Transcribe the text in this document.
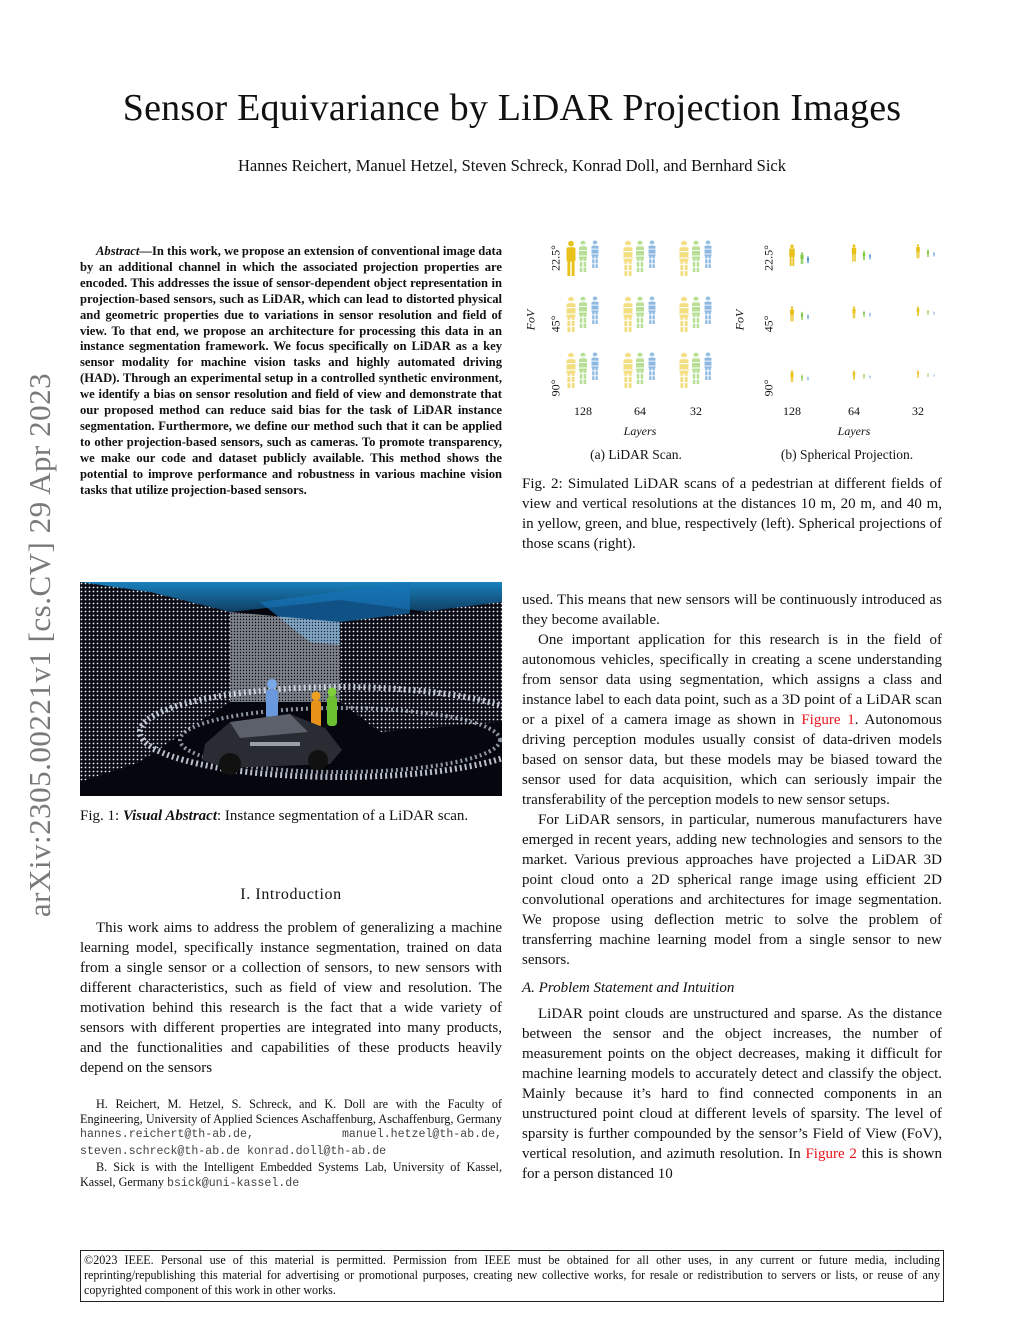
Sensor Equivariance by LiDAR Projection Images
Hannes Reichert, Manuel Hetzel, Steven Schreck, Konrad Doll, and Bernhard Sick
arXiv:2305.00221v1 [cs.CV] 29 Apr 2023
Abstract—In this work, we propose an extension of conventional image data by an additional channel in which the associated projection properties are encoded. This addresses the issue of sensor-dependent object representation in projection-based sensors, such as LiDAR, which can lead to distorted physical and geometric properties due to variations in sensor resolution and field of view. To that end, we propose an architecture for processing this data in an instance segmentation framework. We focus specifically on LiDAR as a key sensor modality for machine vision tasks and highly automated driving (HAD). Through an experimental setup in a controlled synthetic environment, we identify a bias on sensor resolution and field of view and demonstrate that our proposed method can reduce said bias for the task of LiDAR instance segmentation. Furthermore, we define our method such that it can be applied to other projection-based sensors, such as cameras. To promote transparency, we make our code and dataset publicly available. This method shows the potential to improve performance and robustness in various machine vision tasks that utilize projection-based sensors.
Fig. 1: Visual Abstract: Instance segmentation of a LiDAR scan.
I. Introduction
This work aims to address the problem of generalizing a machine learning model, specifically instance segmentation, trained on data from a single sensor or a collection of sensors, to new sensors with different characteristics, such as field of view and resolution. The motivation behind this research is the fact that a wide variety of sensors with different properties are integrated into many products, and the functionalities and capabilities of these products heavily depend on the sensors

H. Reichert, M. Hetzel, S. Schreck, and K. Doll are with the Faculty of Engineering, University of Applied Sciences Aschaffenburg, Aschaffenburg, Germany hannes.reichert@th-ab.de, manuel.hetzel@th-ab.de, steven.schreck@th-ab.de konrad.doll@th-ab.de

B. Sick is with the Intelligent Embedded Systems Lab, University of Kassel, Kassel, Germany bsick@uni-kassel.de

FoV
22.5°
45°
90°
128	64	32
Layers
(a) LiDAR Scan.
FoV
22.5°
45°
90°
128	64	32
Layers
(b) Spherical Projection.
Fig. 2: Simulated LiDAR scans of a pedestrian at different fields of view and vertical resolutions at the distances 10 m, 20 m, and 40 m, in yellow, green, and blue, respectively (left). Spherical projections of those scans (right).

used. This means that new sensors will be continuously introduced as they become available.

One important application for this research is in the field of autonomous vehicles, specifically in creating a scene understanding from sensor data using segmentation, which assigns a class and instance label to each data point, such as a 3D point of a LiDAR scan or a pixel of a camera image as shown in Figure 1. Autonomous driving perception modules usually consist of data-driven models based on sensor data, but these models may be biased toward the sensor used for data acquisition, which can seriously impair the transferability of the perception models to new sensor setups.

For LiDAR sensors, in particular, numerous manufacturers have emerged in recent years, adding new technologies and sensors to the market. Various previous approaches have projected a LiDAR 3D point cloud onto a 2D spherical range image using efficient 2D convolutional operations and architectures for image segmentation. We propose using deflection metric to solve the problem of transferring machine learning model from a single sensor to new sensors.

A. Problem Statement and Intuition

LiDAR point clouds are unstructured and sparse. As the distance between the sensor and the object increases, the number of measurement points on the object decreases, making it difficult for machine learning models to accurately detect and classify the object. Mainly because it’s hard to find connected components in an unstructured point cloud at different levels of sparsity. The level of sparsity is further compounded by the sensor’s Field of View (FoV), vertical resolution, and azimuth resolution. In Figure 2 this is shown for a person distanced 10

©2023 IEEE. Personal use of this material is permitted. Permission from IEEE must be obtained for all other uses, in any current or future media, including reprinting/republishing this material for advertising or promotional purposes, creating new collective works, for resale or redistribution to servers or lists, or reuse of any copyrighted component of this work in other works.
